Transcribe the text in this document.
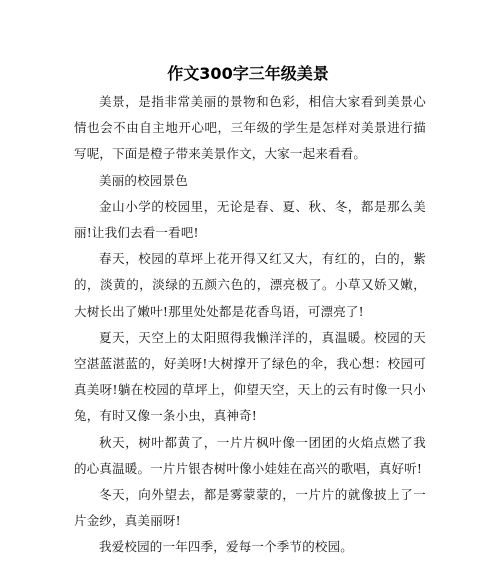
作文300字三年级美景

美景，是指非常美丽的景物和色彩，相信大家看到美景心情也会不由自主地开心吧，三年级的学生是怎样对美景进行描写呢，下面是橙子带来美景作文，大家一起来看看。

美丽的校园景色

金山小学的校园里，无论是春、夏、秋、冬，都是那么美丽!让我们去看一看吧!

春天，校园的草坪上花开得又红又大，有红的，白的，紫的，淡黄的，淡绿的五颜六色的，漂亮极了。小草又娇又嫩，大树长出了嫩叶!那里处处都是花香鸟语，可漂亮了!

夏天，天空上的太阳照得我懒洋洋的，真温暖。校园的天空湛蓝湛蓝的，好美呀!大树撑开了绿色的伞，我心想：校园可真美呀!躺在校园的草坪上，仰望天空，天上的云有时像一只小兔，有时又像一条小虫，真神奇!

秋天，树叶都黄了，一片片枫叶像一团团的火焰点燃了我的心真温暖。一片片银杏树叶像小娃娃在高兴的歌唱，真好听!

冬天，向外望去，都是雾蒙蒙的，一片片的就像披上了一片金纱，真美丽呀!

我爱校园的一年四季，爱每一个季节的校园。
